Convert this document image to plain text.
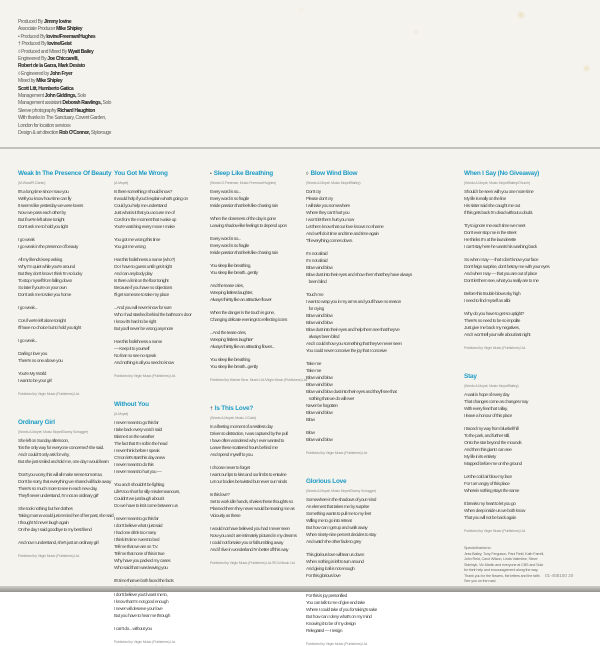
Produced By Jimmy Iovine
Associate Producer Mike Shipley
• Produced By Iovine/Freeman/Hughes
† Produced By Iovine/Geist
◊ Produced and Mixed By Wyatt Bailey
Engineered By Joe Chiccarelli,
Robert de la Garza, Mark Desisto
◊ Engineered by John Fryer
Mixed by Mike Shipley
Scott Litt, Humberto Gatica
Management John Giddings, Solo
Management assistant Deborah Rawlings, Solo
Sleeve photography Richard Haughton
With thanks to The Sanctuary, Covent Garden,
London for location services
Design & art direction Rob O'Connor, Stylorouge
Weak In The Presence Of Beauty
(M.Ward/R.Clarke)
It's a long time since I saw you
Well you know how time can fly
It seems like yesterday we were lovers
Now we pass each other by
But if we're left alone tonight
Don't ask me to hold you tight
I go weak
I go weak in the presence of beauty
All my friends keep asking
Why I'm quiet while you're around
But they don't know I think I'm so lucky
To stop myself from falling down
So later if you're on your own
Don't ask me to take you home
I go weak...
Cos if we're left alone tonight
I'll have no choice but to hold you tight
I go weak...
Darling I love you
There's no one above you
You're My World
I want to be your girl
Published by Virgin Music (Publishers) Ltd.
Ordinary Girl
(Words A.Moyet; Music Moyet/Danny Schogger)
She left on Sunday afternoon,
'It is the only way for everyone concerned' she said.
And I couldn't only ask for why,
But she just smiled and told me, one day I would learn
'Don't you worry, this will all make sense tomorrow,
Don't be sorry, that everything we shared will fade away
There's so much more to see in each new day,
They'll never understand, I'm not an ordinary girl'
She took nothing but her clothes
Taking mama would just remind her of her past, she said
I thought I'd never laugh again
On the day I said goodbye to my best friend
And now I understand, she's just an ordinary girl
Published by Virgin Music (Publishers) Ltd.
You Got Me Wrong
(A.Moyet)
Is there something I should know?
It would help if you'd explain what's going on
Could you help me understand
Just what is it that you accuse me of
Cos from the moment that I wake up
You're watching every move I make
You got me wrong this time
You got me wrong
Has this foolishness a name (who?)
Do I have to guess until I get it right
And can anybody play
Is there a limit on the floor tonight
Because if you have no objections
I'll get someone to take my place
...And you will never know for sure
Who I had stashed behind the bathroom door
I know it's hard to be right
But you'll never be wrong anymore
Has this foolishness a name
— Keep it to yourself
No fear no see no speak
And nothing is all you need to know
Published by Virgin Music (Publishers) Ltd.
Without You
(A.Moyet)
I never meant to go this far
I take back every word I said
Blame it on the weather
The fact that I'm soft in the head
I never think before I speak
C'mon let's start this day anew
I never meant to do this
I never meant to hurt you —
You and I shouldn't be fighting
Life's too short for silly misdemeanours,
Couldn't we just laugh about it
Do we have to let it come between us
I never meant to go this far
I don't believe what I just said
I had one drink too many
I think it's time I went to bed
Tell me that we are on T.V.
Tell me that none of this is true
Why have you packed my cases
Who said that I was leaving you
It's time that we both faced the facts
I don't believe you'd want me to,
I know that I'm not good enough
I never will deserve your love
But you have to hear me through
I can't do... without you
Published by Virgin Music (Publishers) Ltd.
• Sleep Like Breathing
(Words D.Freeman; Music Freeman/Hughes)
Every word is so...
Every word is so fragile
Inside passion that feels like chasing rain
When the closeness of the day is gone
Leaving shadow-like feelings to depend upon
Every word is so...
Every word is so fragile
Inside passion that feels like chasing rain
You sleep like breathing,
You sleep like breath...gently
And the tease cries,
Weeping listless laughter,
Always thirsty like an attractive flower
When the danger in the touch is gone,
Changing delicate evenings to reflecting icons
...And the tease cries,
Weeping 'listless laughter'
Always thirsty like an attracting flower...
You sleep like breathing
You sleep like breath...gently
Published by Warner Bros. Music Ltd./Virgin Music (Publishers) Ltd.
† Is This Love?
(Words A.Moyet; Music J.Guiot)
In a fleeting moment of a restless day
Driven to distraction, I was captured by the pull
I have often wondered why I ever wanted to
Leave these scattered hours behind me
And spend myself to you.
I choose never to forget
I want our lips to kiss and our limbs to entwine
Let our bodies be twisted but never our minds
Is this love?
Set to work idle hands, shakes these thoughts so
Planned them they never would be teasing me as
Viciously as these
I would not have believed you had I never seen
Now you and I are intimately pictured in my dreams
I could not forsake you or fall tumbling away
And if I live in wonderland I'm better off this way
Published by Virgin Music (Publishers) Ltd./RCA Music Ltd.
◊ Blow Wind Blow
(Words A.Moyet; Music Moyet/Bailey)
Don't cry
Please don't cry
I will take you somewhere
Where they can't hurt you
I won't let them hurt you now
Let them know that our love knows no shame
And we'll do it time and time and time again
'Til everything comes down.
I'm not afraid
I'm not afraid
Blow wind blow
Blow dust into their eyes and show them that they have always
been blind
Touch me
I want to wrap you in my arms and you'll have no reason
for crying
Blow wind blow
Blow wind blow
Blow dust into their eyes and help them see that they've
always been blind
And I could show you something that they've never seen
You could never conceive the joy that I conceive
Take me
Take me
Blow wind blow
Blow wind blow
Blow wind blow dust into their eyes and they'll see that
nothing that we do will ever
Never be forgotten
Blow wind blow
Blow
Blow
Blow wind blow
Published by Virgin Music (Publishers) Ltd.
Glorious Love
(Words A.Moyet; Music Moyet/Danny Schogger)
Somewhere in the shadows of your mind
An element that takes me by surprise
Something wants to pull me to my feet
Willing me to go into retreat
But how can I get up and walk away
When ninety-nine percent decides to stay
And watch the other fade to grey
This glorious love will tear us down
When nothing is left to turn around
And giving it all is not enough
For this glorious love
For this is joy personified
You can talk to me of give and take
Where I could take of you for taking's sake
But how can I deny what's on my mind
Knowing it to be of my design
Relegated — I resign
Published by Virgin Music (Publishers) Ltd.
When I Say (No Giveaway)
(Words A.Moyet; Music Moyet/Bailey/Church)
Should I be seen with you one more time
My life is really on the line
His sister said she caught me out
If this gets back I'm dead without a doubt.
Try to ignore me each time we meet
Don't ever stop me in the street
He thinks I'm at the launderette
I can't stay here he wants his washing back
So when I say — that I don't know your face
Don't feign surprise, don't betray me with your eyes
And when I say — that you are out of place
Don't let them see, what you really are to me
Before this trouble blows sky high
I need to find myself an alibi
Why do you have to get so uptight?
There's no need to be so impolite
Just give me back my negatives,
And I won't tell your wife about last night
Published by Virgin Music (Publishers) Ltd.
Stay
(Words A.Moyet; Music Moyet/Bailey)
A wait in hope of every day
That changes come as changes may
With every fear that I allay,
I leave a honour of this place
I traced my way from bluebell hill
To the park, and further still,
Onto the star beyond the mounds
And then this giant I can see
My life in its entirety
Mapped before me on the ground
Let the cold air blow my face
For I am angry of this place
Wherein nothing stays the same
It breaks my heart to let you go
When deep inside us we both know
That you will not be back again
Published by Virgin Music (Publishers) Ltd.
Special thanks to:
Jess Bailey, Tony Ferguson, Paul Field, Kath Farrell,
John Reid, Carol Wilson, Linda Valentine, Steve
Sidelnyk, Vic Martin and everyone at CBS and Solo
for their help and encouragement along the way.
Thank you for the flowers, the letters and the faith.
See you on the road.
01-458150 20
